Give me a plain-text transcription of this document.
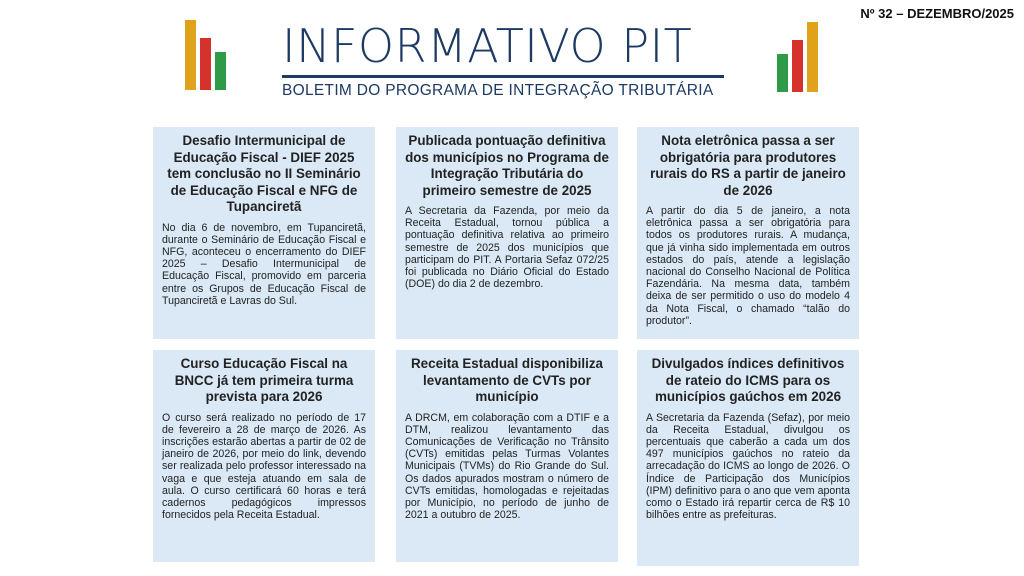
Nº 32 – DEZEMBRO/2025
INFORMATIVO PIT
BOLETIM DO PROGRAMA DE INTEGRAÇÃO TRIBUTÁRIA
Desafio Intermunicipal de Educação Fiscal - DIEF 2025 tem conclusão no II Seminário de Educação Fiscal e NFG de Tupanciretã

No dia 6 de novembro, em Tupanciretã, durante o Seminário de Educação Fiscal e NFG, aconteceu o encerramento do DIEF 2025 – Desafio Intermunicipal de Educação Fiscal, promovido em parceria entre os Grupos de Educação Fiscal de Tupanciretã e Lavras do Sul.

Publicada pontuação definitiva dos municípios no Programa de Integração Tributária do primeiro semestre de 2025

A Secretaria da Fazenda, por meio da Receita Estadual, tornou pública a pontuação definitiva relativa ao primeiro semestre de 2025 dos municípios que participam do PIT. A Portaria Sefaz 072/25 foi publicada no Diário Oficial do Estado (DOE) do dia 2 de dezembro.

Nota eletrônica passa a ser obrigatória para produtores rurais do RS a partir de janeiro de 2026

A partir do dia 5 de janeiro, a nota eletrônica passa a ser obrigatória para todos os produtores rurais. A mudança, que já vinha sido implementada em outros estados do país, atende a legislação nacional do Conselho Nacional de Política Fazendária. Na mesma data, também deixa de ser permitido o uso do modelo 4 da Nota Fiscal, o chamado “talão do produtor”.

Curso Educação Fiscal na BNCC já tem primeira turma prevista para 2026

O curso será realizado no período de 17 de fevereiro a 28 de março de 2026. As inscrições estarão abertas a partir de 02 de janeiro de 2026, por meio do link, devendo ser realizada pelo professor interessado na vaga e que esteja atuando em sala de aula. O curso certificará 60 horas e terá cadernos pedagógicos impressos fornecidos pela Receita Estadual.

Receita Estadual disponibiliza levantamento de CVTs por município

A DRCM, em colaboração com a DTIF e a DTM, realizou levantamento das Comunicações de Verificação no Trânsito (CVTs) emitidas pelas Turmas Volantes Municipais (TVMs) do Rio Grande do Sul. Os dados apurados mostram o número de CVTs emitidas, homologadas e rejeitadas por Município, no período de junho de 2021 a outubro de 2025.

Divulgados índices definitivos de rateio do ICMS para os municípios gaúchos em 2026

A Secretaria da Fazenda (Sefaz), por meio da Receita Estadual, divulgou os percentuais que caberão a cada um dos 497 municípios gaúchos no rateio da arrecadação do ICMS ao longo de 2026. O Índice de Participação dos Municípios (IPM) definitivo para o ano que vem aponta como o Estado irá repartir cerca de R$ 10 bilhões entre as prefeituras.
